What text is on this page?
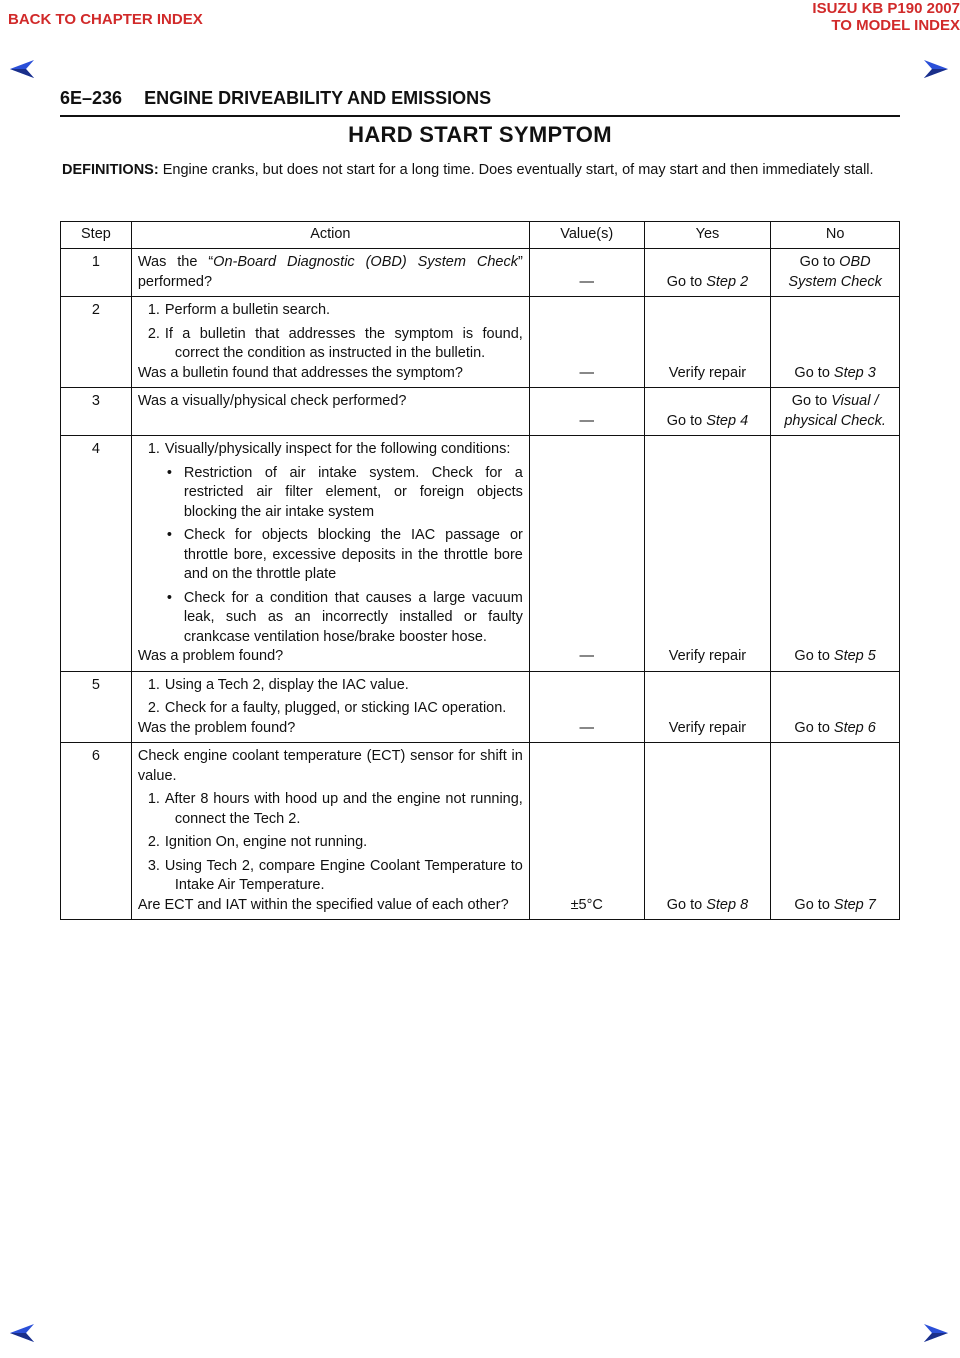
BACK TO CHAPTER INDEX
ISUZU KB P190 2007
TO MODEL INDEX
6E–236 ENGINE DRIVEABILITY AND EMISSIONS
HARD START SYMPTOM
DEFINITIONS: Engine cranks, but does not start for a long time. Does eventually start, of may start and then immediately stall.
Step	Action	Value(s)	Yes	No
1	Was the “On-Board Diagnostic (OBD) System Check” performed?	—	Go to Step 2	Go to OBD System Check
2	1. Perform a bulletin search.
2. If a bulletin that addresses the symptom is found, correct the condition as instructed in the bulletin.

Was a bulletin found that addresses the symptom?	—	Verify repair	Go to Step 3
3	Was a visually/physical check performed?	—	Go to Step 4	Go to Visual / physical Check.
4	1. Visually/physically inspect for the following conditions:
• Restriction of air intake system. Check for a restricted air filter element, or foreign objects blocking the air intake system
• Check for objects blocking the IAC passage or throttle bore, excessive deposits in the throttle bore and on the throttle plate
• Check for a condition that causes a large vacuum leak, such as an incorrectly installed or faulty crankcase ventilation hose/brake booster hose.

Was a problem found?	—	Verify repair	Go to Step 5
5	1. Using a Tech 2, display the IAC value.
2. Check for a faulty, plugged, or sticking IAC operation.

Was the problem found?	—	Verify repair	Go to Step 6
6	Check engine coolant temperature (ECT) sensor for shift in value.

1. After 8 hours with hood up and the engine not running, connect the Tech 2.
2. Ignition On, engine not running.
3. Using Tech 2, compare Engine Coolant Temperature to Intake Air Temperature.

Are ECT and IAT within the specified value of each other?	±5°C	Go to Step 8	Go to Step 7
